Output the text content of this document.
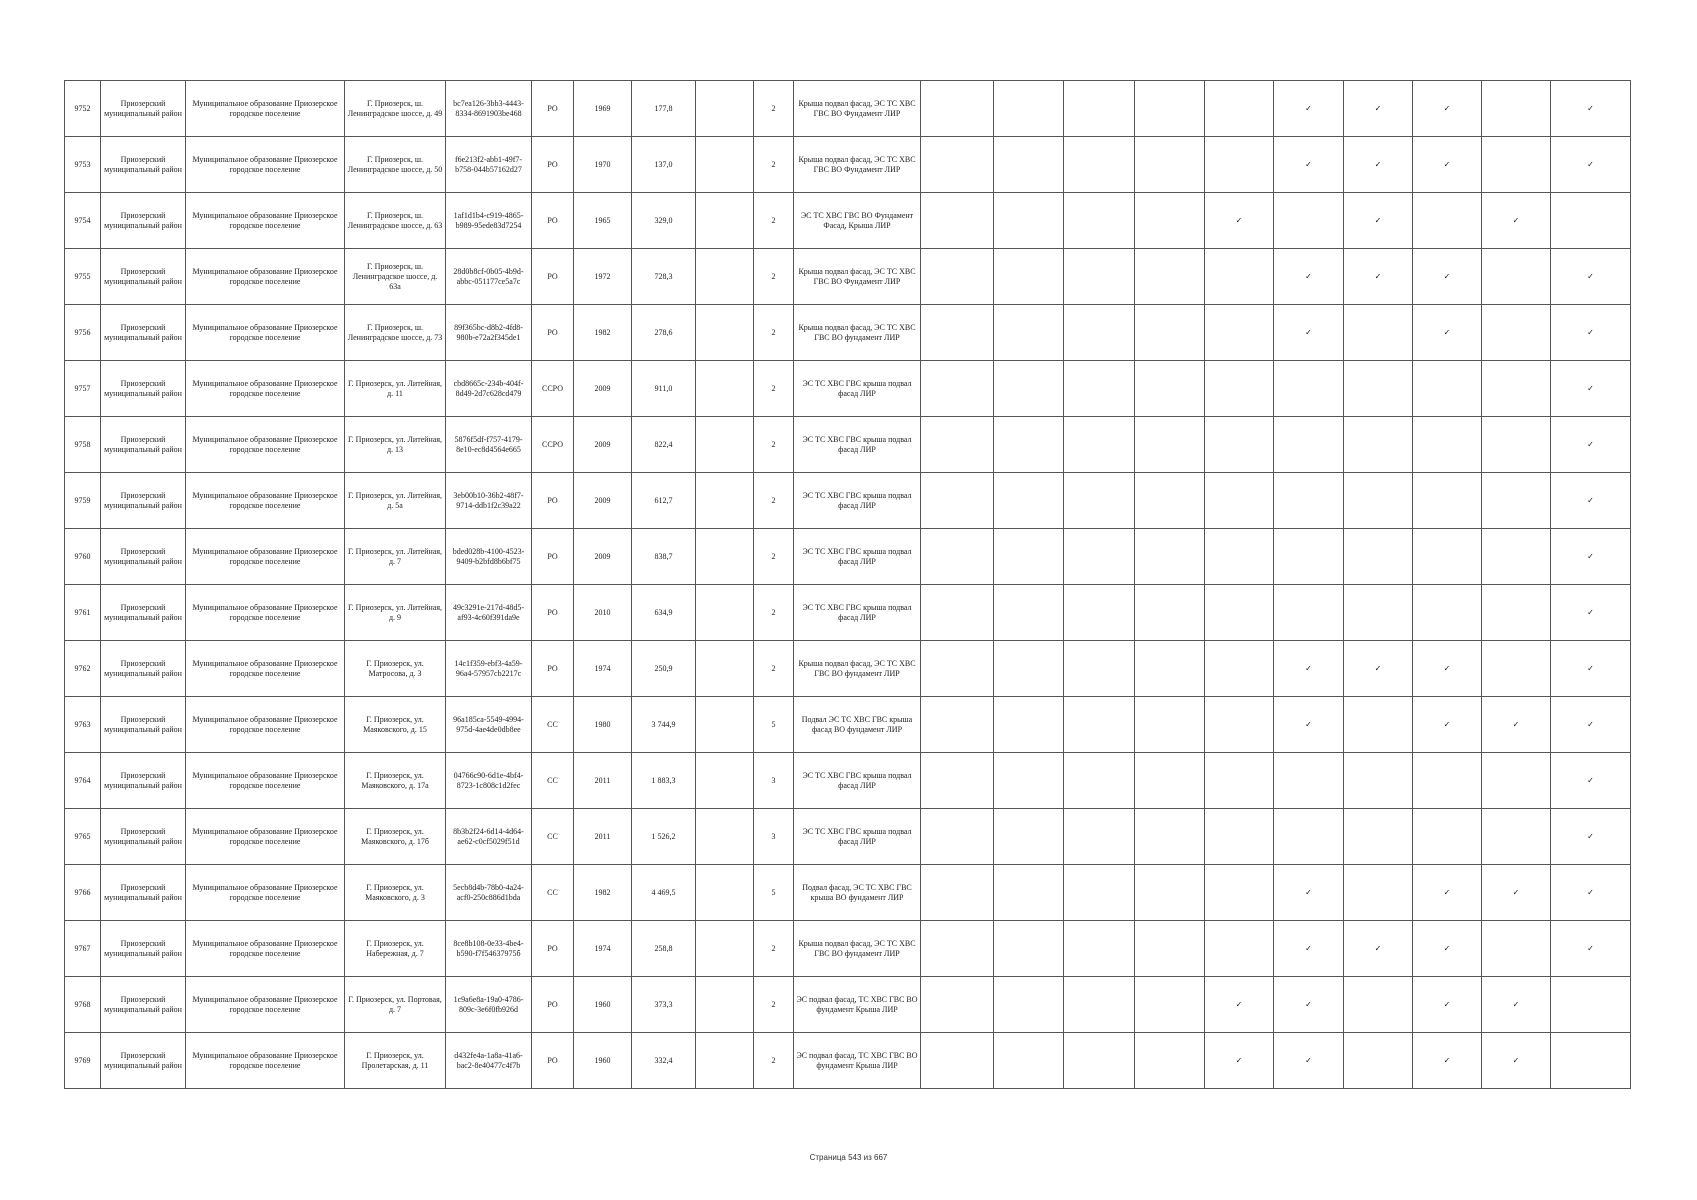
9752	Приозерский муниципальный район	Муниципальное образование Приозерское городское поселение	Г. Приозерск, ш. Ленинградское шоссе, д. 49	bc7ea126-3bb3-4443-8334-8691903be468	РО	1969	177,8		2	Крыша подвал фасад, ЭС ТС ХВС ГВС ВО Фундамент ЛИР						✓	✓	✓		✓
9753	Приозерский муниципальный район	Муниципальное образование Приозерское городское поселение	Г. Приозерск, ш. Ленинградское шоссе, д. 50	f6e213f2-abb1-49f7-b758-044b57162d27	РО	1970	137,0		2	Крыша подвал фасад, ЭС ТС ХВС ГВС ВО Фундамент ЛИР						✓	✓	✓		✓
9754	Приозерский муниципальный район	Муниципальное образование Приозерское городское поселение	Г. Приозерск, ш. Ленинградское шоссе, д. 63	1af1d1b4-c919-4865-b989-95ede83d7254	РО	1965	329,0		2	ЭС ТС ХВС ГВС ВО Фундамент Фасад, Крыша ЛИР					✓		✓		✓	
9755	Приозерский муниципальный район	Муниципальное образование Приозерское городское поселение	Г. Приозерск, ш. Ленинградское шоссе, д. 63а	28d0b8cf-0b05-4b9d-abbc-051177ce5a7c	РО	1972	728,3		2	Крыша подвал фасад, ЭС ТС ХВС ГВС ВО Фундамент ЛИР						✓	✓	✓		✓
9756	Приозерский муниципальный район	Муниципальное образование Приозерское городское поселение	Г. Приозерск, ш. Ленинградское шоссе, д. 73	89f365bc-d8b2-4fd8-980b-e72a2f345de1	РО	1982	278,6		2	Крыша подвал фасад, ЭС ТС ХВС ГВС ВО фундамент ЛИР						✓		✓		✓
9757	Приозерский муниципальный район	Муниципальное образование Приозерское городское поселение	Г. Приозерск, ул. Литейная, д. 11	cbd8665c-234b-404f-8d49-2d7c628cd479	ССРО	2009	911,0		2	ЭС ТС ХВС ГВС крыша подвал фасад ЛИР										✓
9758	Приозерский муниципальный район	Муниципальное образование Приозерское городское поселение	Г. Приозерск, ул. Литейная, д. 13	5876f5df-f757-4179-8e10-ec8d4564e665	ССРО	2009	822,4		2	ЭС ТС ХВС ГВС крыша подвал фасад ЛИР										✓
9759	Приозерский муниципальный район	Муниципальное образование Приозерское городское поселение	Г. Приозерск, ул. Литейная, д. 5а	3eb00b10-36b2-48f7-9714-ddb1f2c39a22	РО	2009	612,7		2	ЭС ТС ХВС ГВС крыша подвал фасад ЛИР										✓
9760	Приозерский муниципальный район	Муниципальное образование Приозерское городское поселение	Г. Приозерск, ул. Литейная, д. 7	bded028b-4100-4523-9409-b2bfd8b6bf75	РО	2009	838,7		2	ЭС ТС ХВС ГВС крыша подвал фасад ЛИР										✓
9761	Приозерский муниципальный район	Муниципальное образование Приозерское городское поселение	Г. Приозерск, ул. Литейная, д. 9	49c3291e-217d-48d5-af93-4c60f391da9e	РО	2010	634,9		2	ЭС ТС ХВС ГВС крыша подвал фасад ЛИР										✓
9762	Приозерский муниципальный район	Муниципальное образование Приозерское городское поселение	Г. Приозерск, ул. Матросова, д. 3	14c1f359-ebf3-4a59-96a4-57957cb2217c	РО	1974	250,9		2	Крыша подвал фасад, ЭС ТС ХВС ГВС ВО фундамент ЛИР						✓	✓	✓		✓
9763	Приозерский муниципальный район	Муниципальное образование Приозерское городское поселение	Г. Приозерск, ул. Маяковского, д. 15	96a185ca-5549-4994-975d-4ae4de0db8ee	СС	1980	3 744,9		5	Подвал ЭС ТС ХВС ГВС крыша фасад ВО фундамент ЛИР						✓		✓	✓	✓
9764	Приозерский муниципальный район	Муниципальное образование Приозерское городское поселение	Г. Приозерск, ул. Маяковского, д. 17а	04766c90-6d1e-4bf4-8723-1c808c1d2fec	СС	2011	1 883,3		3	ЭС ТС ХВС ГВС крыша подвал фасад ЛИР										✓
9765	Приозерский муниципальный район	Муниципальное образование Приозерское городское поселение	Г. Приозерск, ул. Маяковского, д. 17б	8b3b2f24-6d14-4d64-ae62-c0cf5029f51d	СС	2011	1 526,2		3	ЭС ТС ХВС ГВС крыша подвал фасад ЛИР										✓
9766	Приозерский муниципальный район	Муниципальное образование Приозерское городское поселение	Г. Приозерск, ул. Маяковского, д. 3	5ecb8d4b-78b0-4a24-acf0-250c886d1bda	СС	1982	4 469,5		5	Подвал фасад, ЭС ТС ХВС ГВС крыша ВО фундамент ЛИР						✓		✓	✓	✓
9767	Приозерский муниципальный район	Муниципальное образование Приозерское городское поселение	Г. Приозерск, ул. Набережная, д. 7	8ce8b108-0e33-4be4-b590-f7f54637975б	РО	1974	258,8		2	Крыша подвал фасад, ЭС ТС ХВС ГВС ВО фундамент ЛИР						✓	✓	✓		✓
9768	Приозерский муниципальный район	Муниципальное образование Приозерское городское поселение	Г. Приозерск, ул. Портовая, д. 7	1c9a6e8a-19a0-4786-809c-3e6f0fb926d	РО	1960	373,3		2	ЭС подвал фасад, ТС ХВС ГВС ВО фундамент Крыша ЛИР					✓	✓		✓	✓	
9769	Приозерский муниципальный район	Муниципальное образование Приозерское городское поселение	Г. Приозерск, ул. Пролетарская, д. 11	d432fe4a-1a8a-41a6-bac2-8e40477c4f7b	РО	1960	332,4		2	ЭС подвал фасад, ТС ХВС ГВС ВО фундамент Крыша ЛИР					✓	✓		✓	✓	
Страница 543 из 667
